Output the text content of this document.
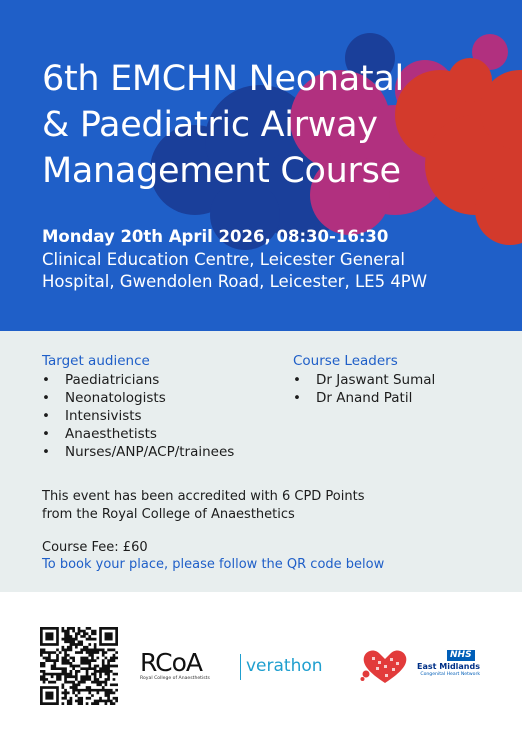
6th EMCHN Neonatal
& Paediatric Airway
Management Course
Monday 20th April 2026, 08:30-16:30
Clinical Education Centre, Leicester General
Hospital, Gwendolen Road, Leicester, LE5 4PW
Target audience
• Paediatricians
• Neonatologists
• Intensivists
• Anaesthetists
• Nurses/ANP/ACP/trainees
Course Leaders
• Dr Jaswant Sumal
• Dr Anand Patil
This event has been accredited with 6 CPD Points
from the Royal College of Anaesthetics
Course Fee: £60
To book your place, please follow the QR code below
RCoA
Royal College of Anaesthetists
verathon
NHS
East Midlands
Congenital Heart Network
